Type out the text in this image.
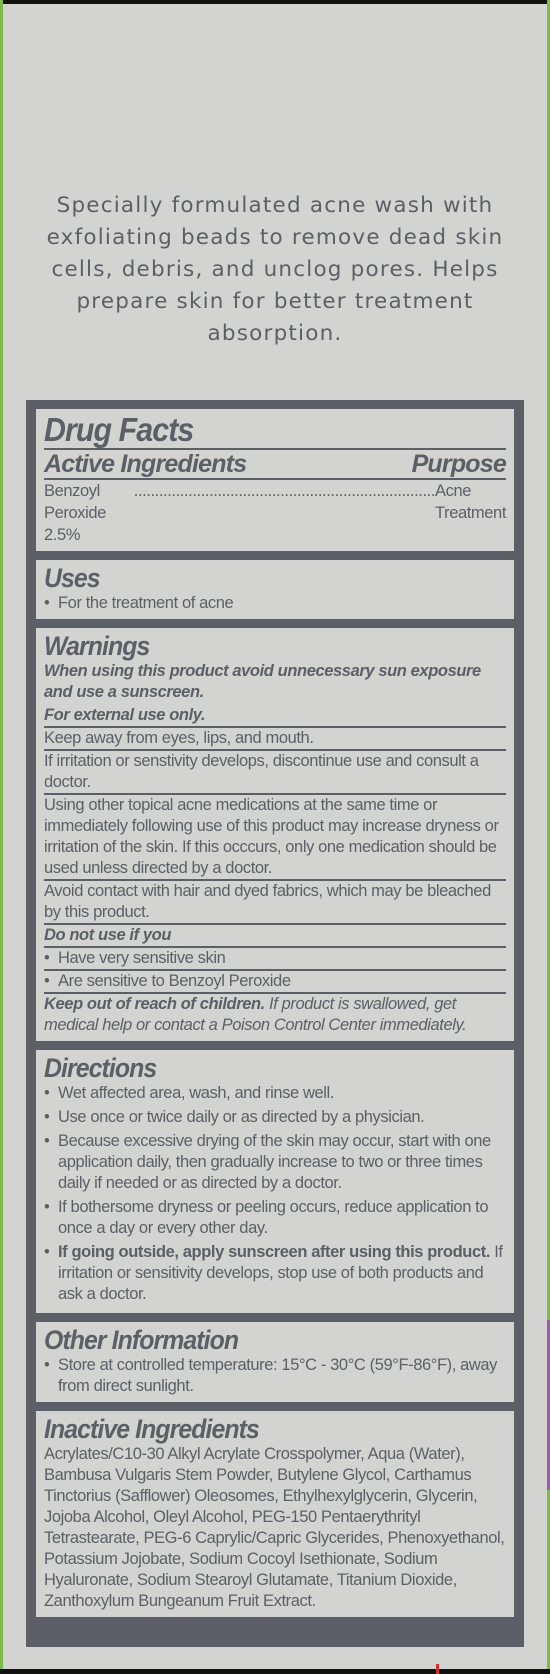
Specially formulated acne wash with exfoliating beads to remove dead skin cells, debris, and unclog pores. Helps prepare skin for better treatment absorption.
Drug Facts
Active Ingredients	Purpose
Benzoyl Peroxide 2.5%
........................................................................ Acne Treatment
Uses
• For the treatment of acne
Warnings
When using this product avoid unnecessary sun exposure and use a sunscreen.
For external use only.
Keep away from eyes, lips, and mouth.
If irritation or senstivity develops, discontinue use and consult a doctor.
Using other topical acne medications at the same time or immediately following use of this product may increase dryness or irritation of the skin. If this occcurs, only one medication should be used unless directed by a doctor.
Avoid contact with hair and dyed fabrics, which may be bleached by this product.
Do not use if you
• Have very sensitive skin
• Are sensitive to Benzoyl Peroxide
Keep out of reach of children. If product is swallowed, get medical help or contact a Poison Control Center immediately.
Directions
• Wet affected area, wash, and rinse well.
• Use once or twice daily or as directed by a physician.
• Because excessive drying of the skin may occur, start with one application daily, then gradually increase to two or three times daily if needed or as directed by a doctor.
• If bothersome dryness or peeling occurs, reduce application to once a day or every other day.
• If going outside, apply sunscreen after using this product. If irritation or sensitivity develops, stop use of both products and ask a doctor.
Other Information
• Store at controlled temperature: 15°C - 30°C (59°F-86°F), away from direct sunlight.
Inactive Ingredients
Acrylates/C10-30 Alkyl Acrylate Crosspolymer, Aqua (Water), Bambusa Vulgaris Stem Powder, Butylene Glycol, Carthamus Tinctorius (Safflower) Oleosomes, Ethylhexylglycerin, Glycerin, Jojoba Alcohol, Oleyl Alcohol, PEG-150 Pentaerythrityl Tetrastearate, PEG-6 Caprylic/Capric Glycerides, Phenoxyethanol, Potassium Jojobate, Sodium Cocoyl Isethionate, Sodium Hyaluronate, Sodium Stearoyl Glutamate, Titanium Dioxide, Zanthoxylum Bungeanum Fruit Extract.
